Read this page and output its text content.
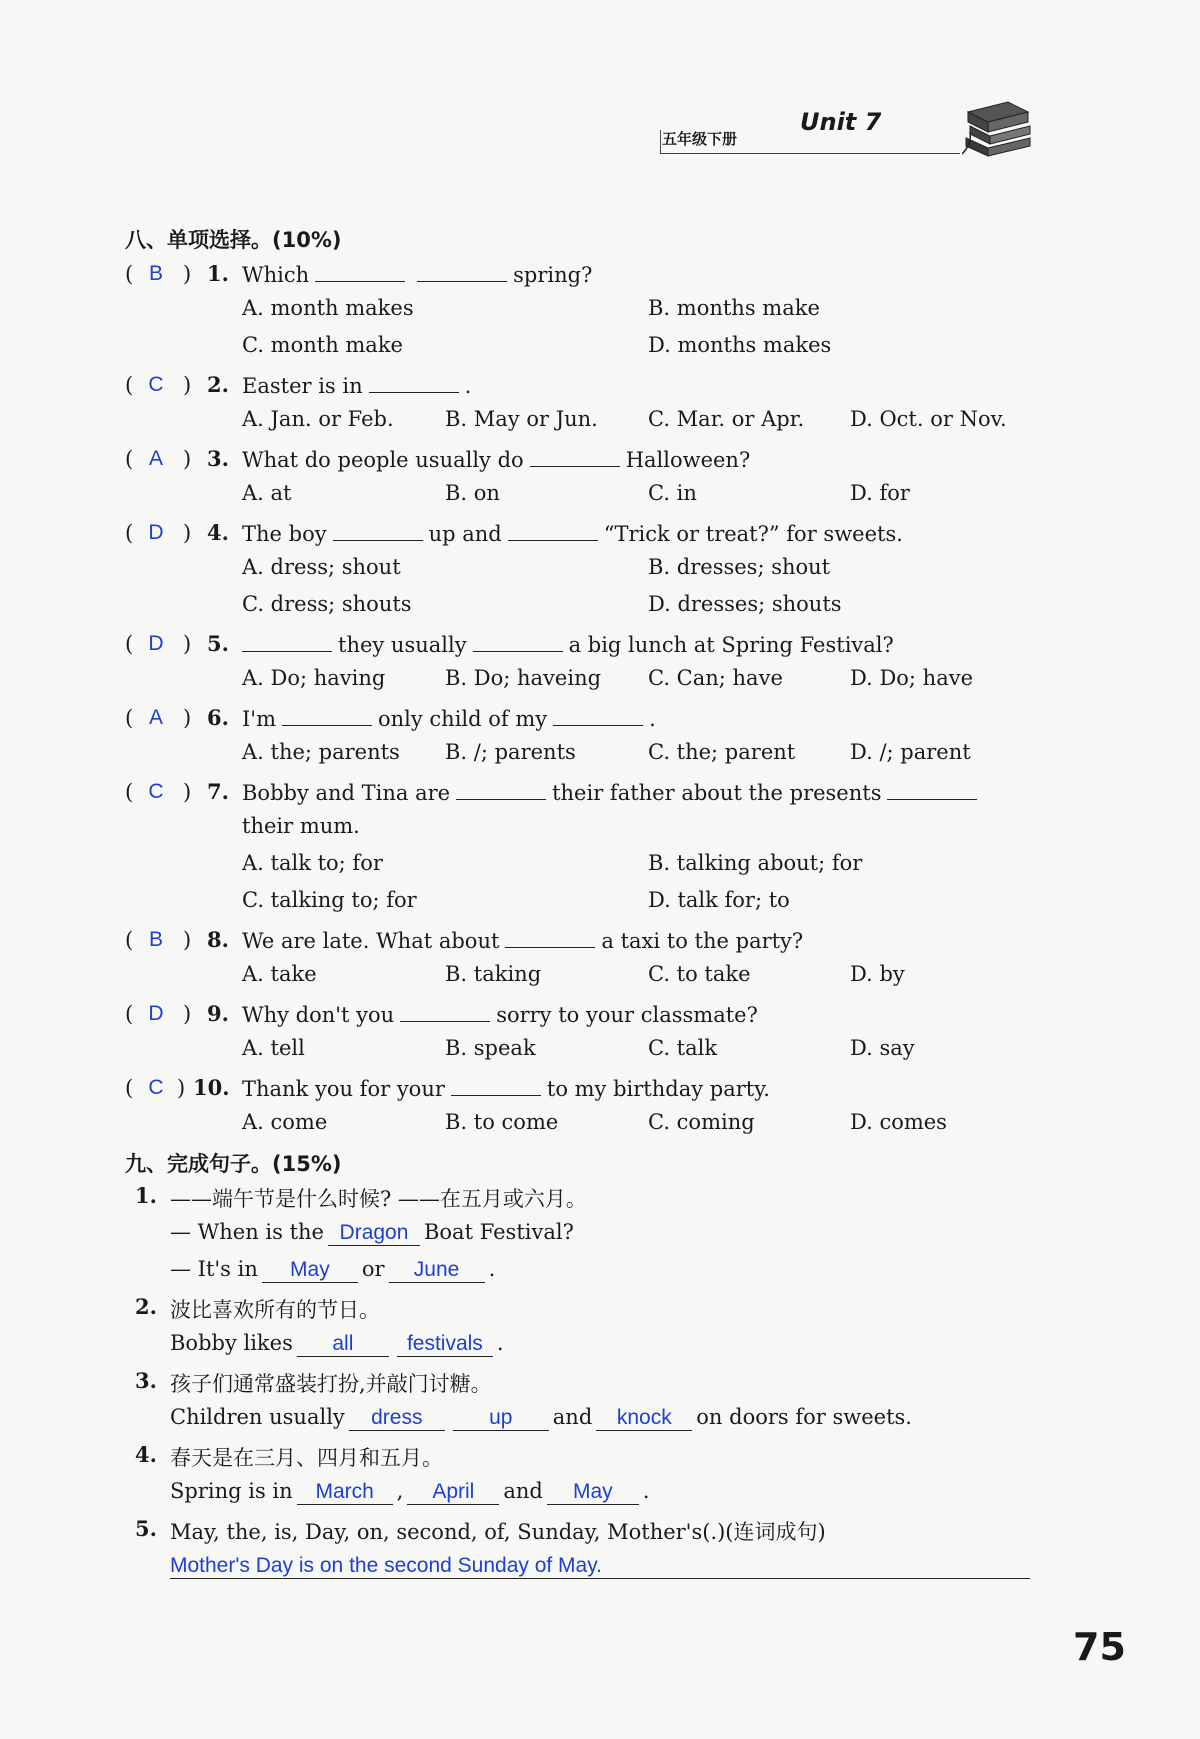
五年级下册
Unit 7
八、单项选择。(10%)
( B ) 1. Which	spring?
A. month makes	B. months make
C. month make	D. months makes
( C ) 2. Easter is in	.
A. Jan. or Feb. B. May or Jun. C. Mar. or Apr. D. Oct. or Nov.
( A ) 3. What do people usually do	Halloween?
A. at	B. on	C. in	D. for
( D ) 4. The boy	up and	“Trick or treat?” for sweets.
A. dress; shout	B. dresses; shout
C. dress; shouts	D. dresses; shouts
( D ) 5.	they usually	a big lunch at Spring Festival?
A. Do; having	B. Do; haveing C. Can; have	D. Do; have
( A ) 6. I'm	only child of my	.
A. the; parents B. /; parents	C. the; parent	D. /; parent
( C ) 7. Bobby and Tina are	their father about the presents
their mum.
A. talk to; for	B. talking about; for
C. talking to; for	D. talk for; to
( B ) 8. We are late. What about	a taxi to the party?
A. take	B. taking	C. to take	D. by
( D ) 9. Why don't you	sorry to your classmate?
A. tell	B. speak	C. talk	D. say
( C ) 10. Thank you for your	to my birthday party.
A. come	B. to come	C. coming	D. comes
九、完成句子。(15%)
1. ——端午节是什么时候? ——在五月或六月。
— When is the Dragon Boat Festival?
— It's in May or June .
2. 波比喜欢所有的节日。
Bobby likes all	festivals .
3. 孩子们通常盛装打扮,并敲门讨糖。
Children usually dress	up and knock on doors for sweets.
4. 春天是在三月、四月和五月。
Spring is in March , April and May .
5. May, the, is, Day, on, second, of, Sunday, Mother's(.)(连词成句)
Mother's Day is on the second Sunday of May.
75
